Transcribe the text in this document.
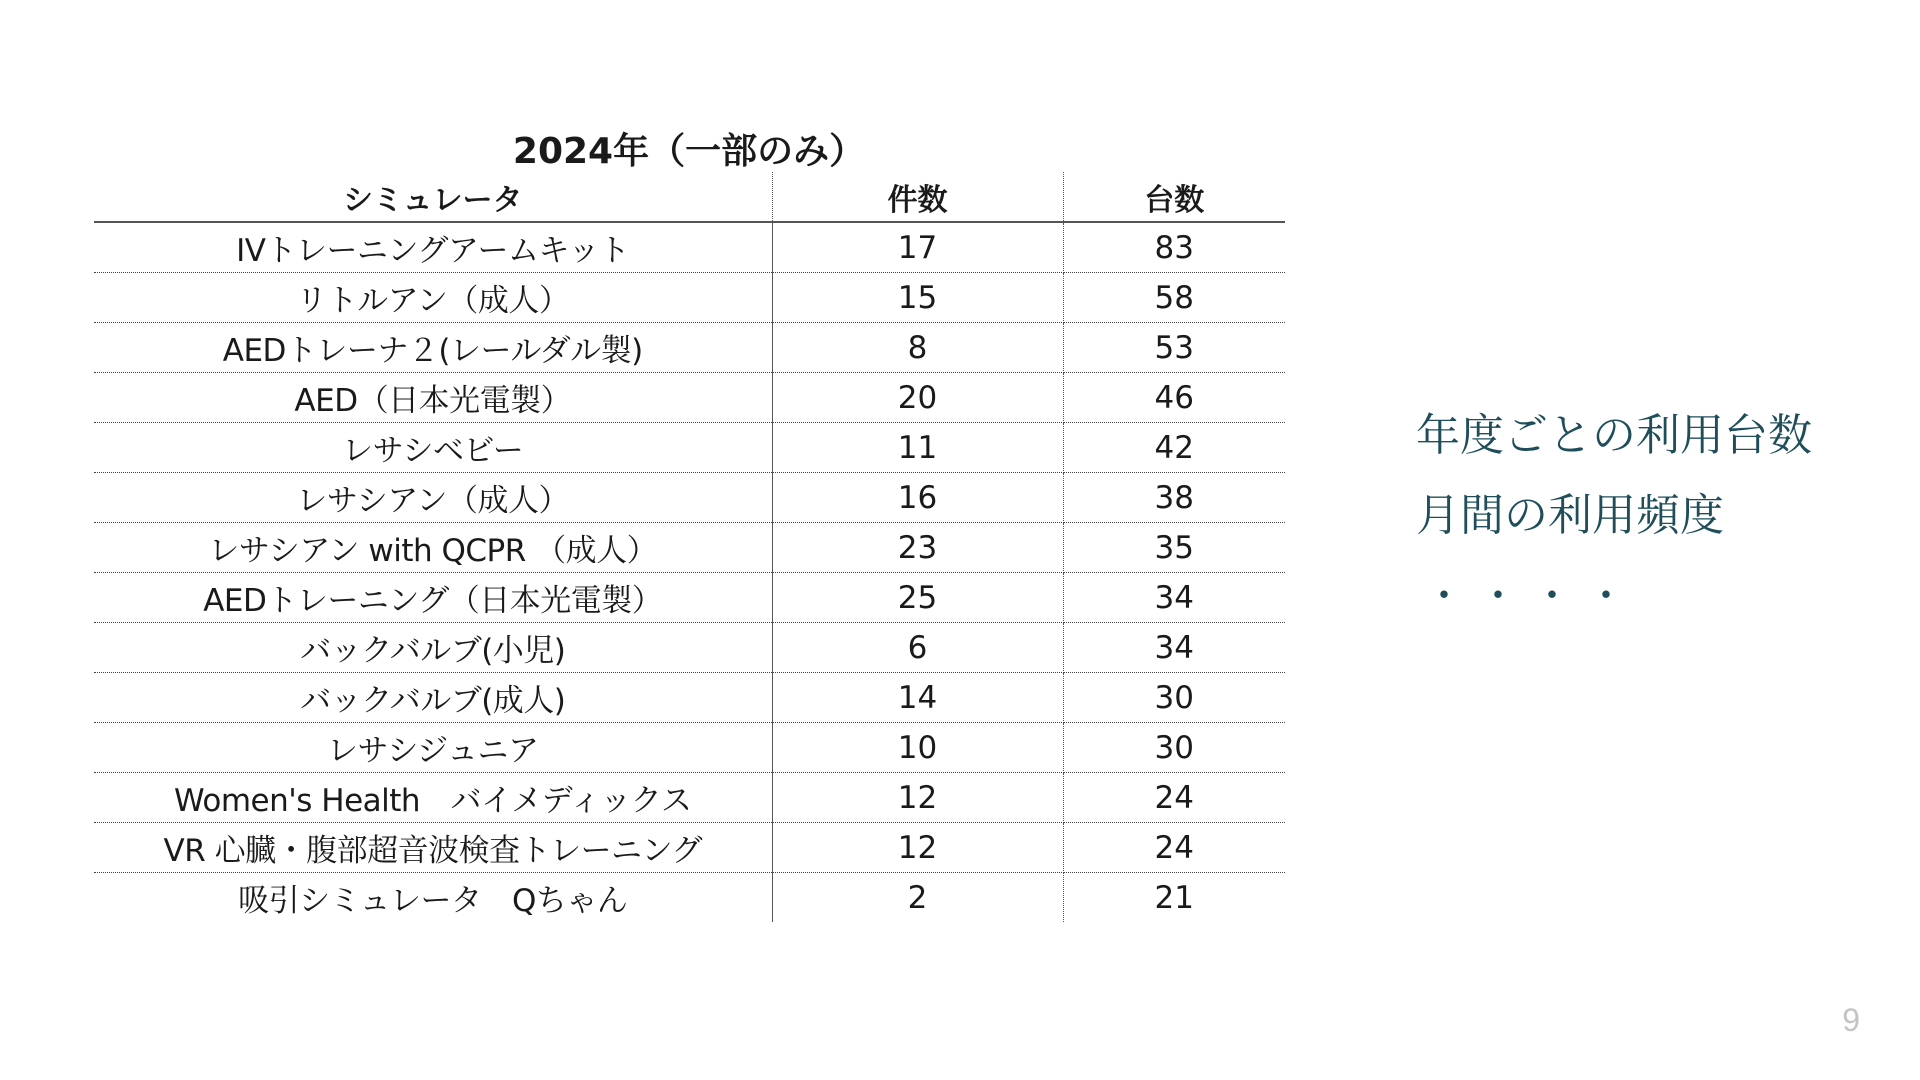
2024年（一部のみ）
シミュレータ	件数	台数
IVトレーニングアームキット	17	83
リトルアン（成人）	15	58
AEDトレーナ２(レールダル製)	8	53
AED（日本光電製）	20	46
レサシベビー	11	42
レサシアン（成人）	16	38
レサシアン with QCPR （成人）	23	35
AEDトレーニング（日本光電製）	25	34
バックバルブ(小児)	6	34
バックバルブ(成人)	14	30
レサシジュニア	10	30
Women's Health　バイメディックス	12	24
VR 心臓・腹部超音波検査トレーニング	12	24
吸引シミュレータ　Qちゃん	2	21
年度ごとの利用台数
月間の利用頻度
・・・・
9
